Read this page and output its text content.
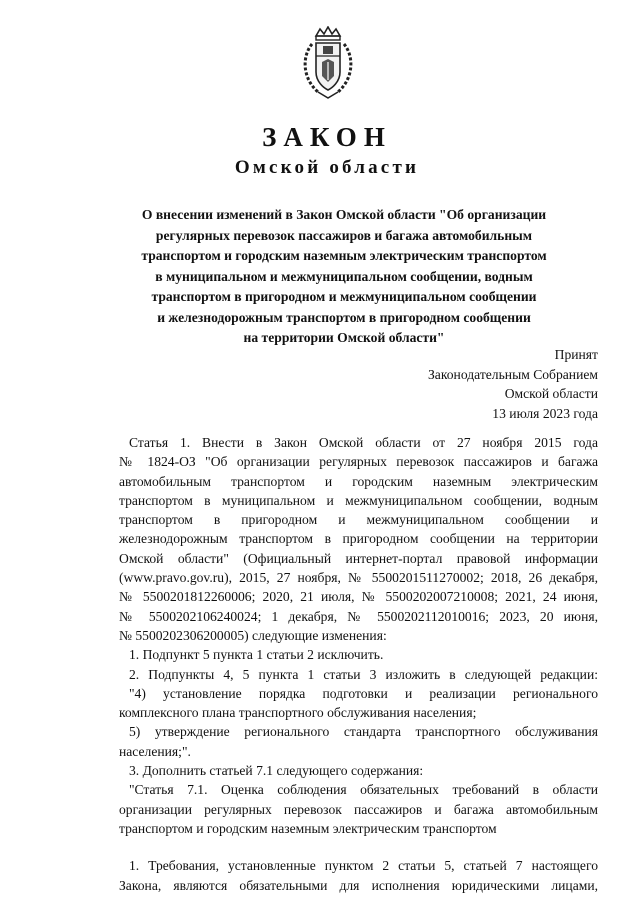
ЗАКОН
Омской области
О внесении изменений в Закон Омской области "Об организации
регулярных перевозок пассажиров и багажа автомобильным
транспортом и городским наземным электрическим транспортом
в муниципальном и межмуниципальном сообщении, водным
транспортом в пригородном и межмуниципальном сообщении
и железнодорожным транспортом в пригородном сообщении
на территории Омской области"
Принят
Законодательным Собранием
Омской области
13 июля 2023 года
Статья 1. Внести в Закон Омской области от 27 ноября 2015 года
№ 1824-ОЗ "Об организации регулярных перевозок пассажиров и багажа
автомобильным транспортом и городским наземным электрическим
транспортом в муниципальном и межмуниципальном сообщении, водным
транспортом в пригородном и межмуниципальном сообщении и
железнодорожным транспортом в пригородном сообщении на территории
Омской области" (Официальный интернет-портал правовой информации
(www.pravo.gov.ru), 2015, 27 ноября, № 5500201511270002; 2018, 26 декабря,
№ 5500201812260006; 2020, 21 июля, № 5500202007210008; 2021, 24 июня,
№ 5500202106240024; 1 декабря, № 5500202112010016; 2023, 20 июня,
№ 5500202306200005) следующие изменения:
1. Подпункт 5 пункта 1 статьи 2 исключить.
2. Подпункты 4, 5 пункта 1 статьи 3 изложить в следующей редакции:
"4) установление порядка подготовки и реализации регионального
комплексного плана транспортного обслуживания населения;
5) утверждение регионального стандарта транспортного обслуживания
населения;".
3. Дополнить статьей 7.1 следующего содержания:
"Статья 7.1. Оценка соблюдения обязательных требований в области
организации регулярных перевозок пассажиров и багажа автомобильным
транспортом и городским наземным электрическим транспортом
1. Требования, установленные пунктом 2 статьи 5, статьей 7 настоящего
Закона, являются обязательными для исполнения юридическими лицами,
